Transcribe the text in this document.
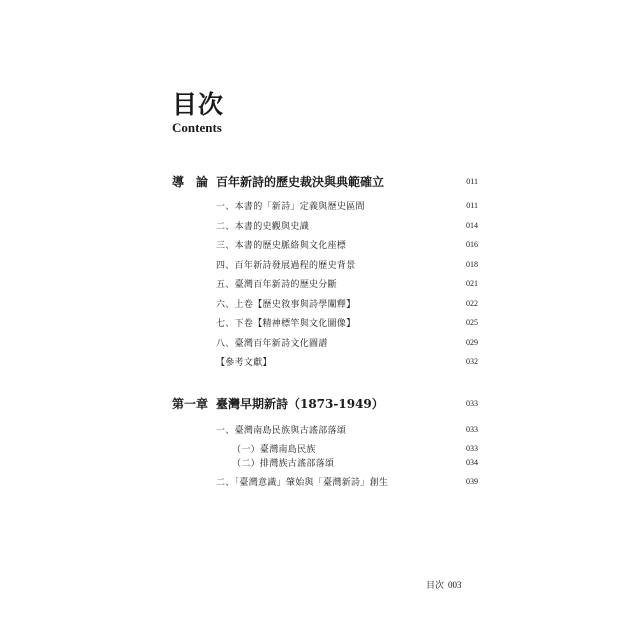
目次
Contents
導　論 百年新詩的歷史裁決與典範確立	011
一、本書的「新詩」定義與歷史區間	011
二、本書的史觀與史識	014
三、本書的歷史脈絡與文化座標	016
四、百年新詩發展過程的歷史背景	018
五、臺灣百年新詩的歷史分斷	021
六、上卷【歷史敘事與詩學闡釋】	022
七、下卷【精神標竿與文化圖像】	025
八、臺灣百年新詩文化圖譜	029
【參考文獻】	032
第一章 臺灣早期新詩（1873-1949）	033
一、臺灣南島民族與古謠部落頌	033
（一）臺灣南島民族	033
（二）排灣族古謠部落頌	034
二、「臺灣意識」肇始與「臺灣新詩」創生	039
目次 003
